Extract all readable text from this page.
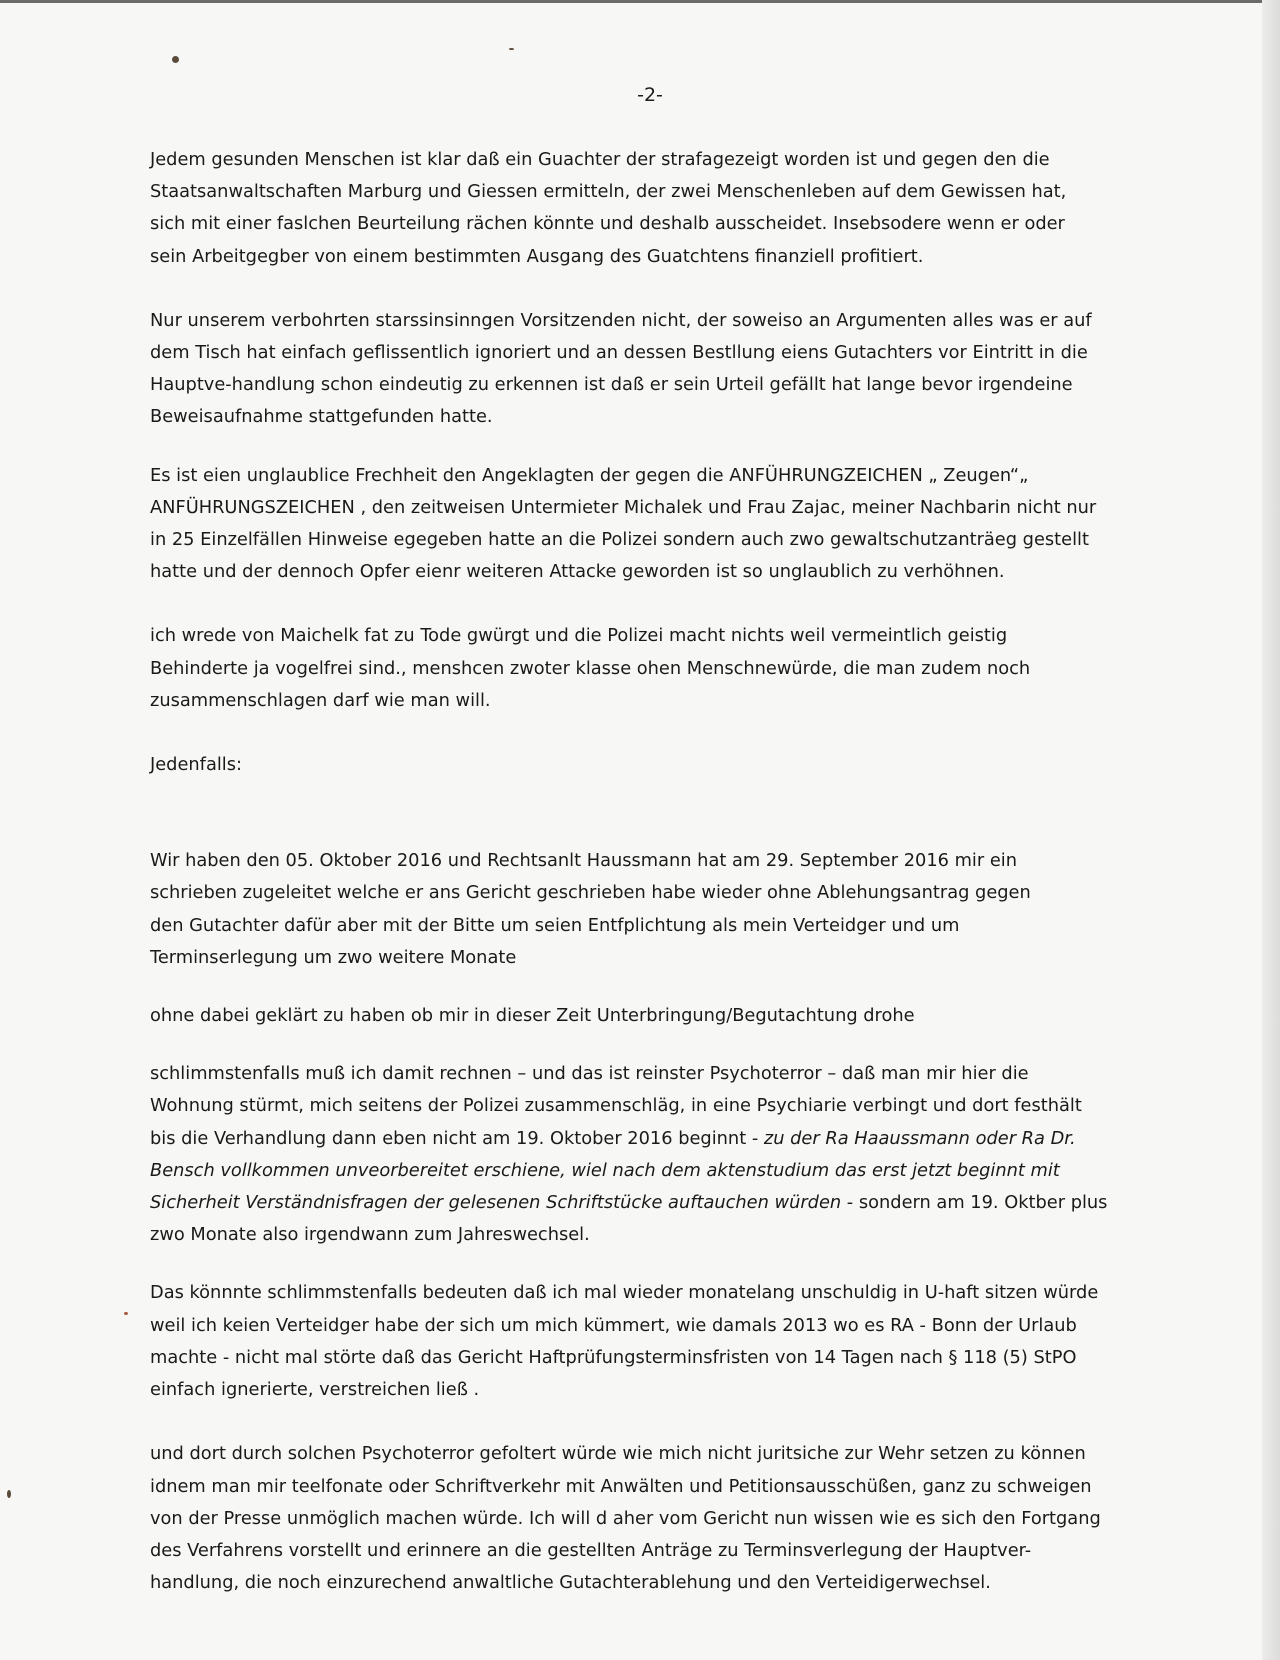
-2-

Jedem gesunden Menschen ist klar daß ein Guachter der strafagezeigt worden ist und gegen den die
Staatsanwaltschaften Marburg und Giessen ermitteln, der zwei Menschenleben auf dem Gewissen hat,
sich mit einer faslchen Beurteilung rächen könnte und deshalb ausscheidet. Insebsodere wenn er oder
sein Arbeitgegber von einem bestimmten Ausgang des Guatchtens finanziell profitiert.

Nur unserem verbohrten starssinsinngen Vorsitzenden nicht, der soweiso an Argumenten alles was er auf
dem Tisch hat einfach geflissentlich ignoriert und an dessen Bestllung eiens Gutachters vor Eintritt in die
Hauptve-handlung schon eindeutig zu erkennen ist daß er sein Urteil gefällt hat lange bevor irgendeine
Beweisaufnahme stattgefunden hatte.

Es ist eien unglaublice Frechheit den Angeklagten der gegen die ANFÜHRUNGZEICHEN „ Zeugen“„
ANFÜHRUNGSZEICHEN , den zeitweisen Untermieter Michalek und Frau Zajac, meiner Nachbarin nicht nur
in 25 Einzelfällen Hinweise egegeben hatte an die Polizei sondern auch zwo gewaltschutzanträeg gestellt
hatte und der dennoch Opfer eienr weiteren Attacke geworden ist so unglaublich zu verhöhnen.

ich wrede von Maichelk fat zu Tode gwürgt und die Polizei macht nichts weil vermeintlich geistig
Behinderte ja vogelfrei sind., menshcen zwoter klasse ohen Menschnewürde, die man zudem noch
zusammenschlagen darf wie man will.

Jedenfalls:

Wir haben den 05. Oktober 2016 und Rechtsanlt Haussmann hat am 29. September 2016 mir ein
schrieben zugeleitet welche er ans Gericht geschrieben habe wieder ohne Ablehungsantrag gegen
den Gutachter dafür aber mit der Bitte um seien Entfplichtung als mein Verteidger und um
Terminserlegung um zwo weitere Monate

ohne dabei geklärt zu haben ob mir in dieser Zeit Unterbringung/Begutachtung drohe

schlimmstenfalls muß ich damit rechnen – und das ist reinster Psychoterror – daß man mir hier die
Wohnung stürmt, mich seitens der Polizei zusammenschläg, in eine Psychiarie verbingt und dort festhält
bis die Verhandlung dann eben nicht am 19. Oktober 2016 beginnt - zu der Ra Haaussmann oder Ra Dr.
Bensch vollkommen unveorbereitet erschiene, wiel nach dem aktenstudium das erst jetzt beginnt mit
Sicherheit Verständnisfragen der gelesenen Schriftstücke auftauchen würden - sondern am 19. Oktber plus
zwo Monate also irgendwann zum Jahreswechsel.

Das könnnte schlimmstenfalls bedeuten daß ich mal wieder monatelang unschuldig in U-haft sitzen würde
weil ich keien Verteidger habe der sich um mich kümmert, wie damals 2013 wo es RA - Bonn der Urlaub
machte - nicht mal störte daß das Gericht Haftprüfungsterminsfristen von 14 Tagen nach § 118 (5) StPO
einfach ignerierte, verstreichen ließ .

und dort durch solchen Psychoterror gefoltert würde wie mich nicht juritsiche zur Wehr setzen zu können
idnem man mir teelfonate oder Schriftverkehr mit Anwälten und Petitionsausschüßen, ganz zu schweigen
von der Presse unmöglich machen würde. Ich will d aher vom Gericht nun wissen wie es sich den Fortgang
des Verfahrens vorstellt und erinnere an die gestellten Anträge zu Terminsverlegung der Hauptver-
handlung, die noch einzurechend anwaltliche Gutachterablehung und den Verteidigerwechsel.
